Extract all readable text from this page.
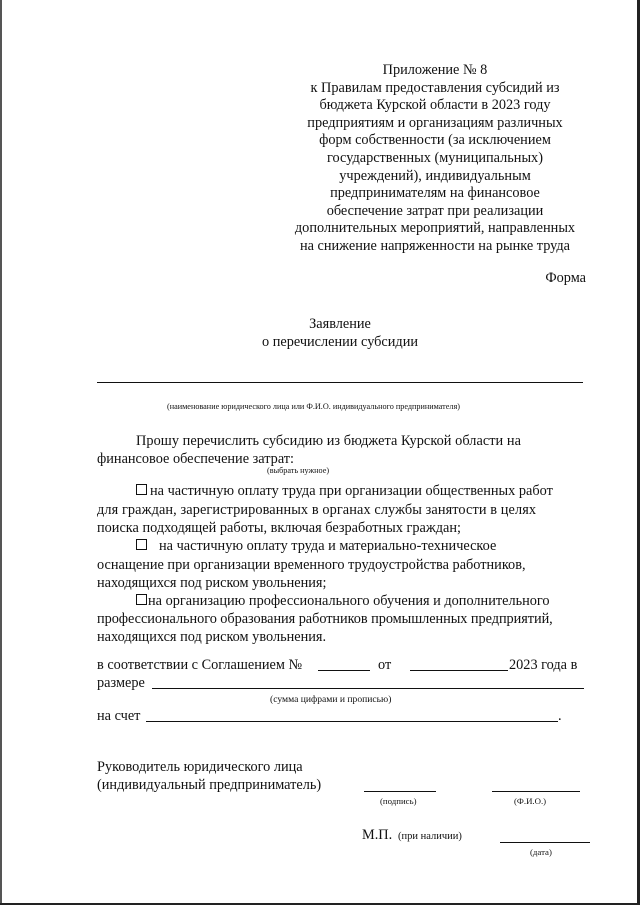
Приложение № 8
к Правилам предоставления субсидий из
бюджета Курской области в 2023 году
предприятиям и организациям различных
форм собственности (за исключением
государственных (муниципальных)
учреждений), индивидуальным
предпринимателям на финансовое
обеспечение затрат при реализации
дополнительных мероприятий, направленных
на снижение напряженности на рынке труда
Форма
Заявление
о перечислении субсидии
(наименование юридического лица или Ф.И.О. индивидуального предпринимателя)
Прошу перечислить субсидию из бюджета Курской области на
финансовое обеспечение затрат:
(выбрать нужное)
на частичную оплату труда при организации общественных работ
для граждан, зарегистрированных в органах службы занятости в целях
поиска подходящей работы, включая безработных граждан;
на частичную оплату труда и материально-техническое
оснащение при организации временного трудоустройства работников,
находящихся под риском увольнения;
на организацию профессионального обучения и дополнительного
профессионального образования работников промышленных предприятий,
находящихся под риском увольнения.
в соответствии с Соглашением №	от	2023 года в
размере
(сумма цифрами и прописью)
на счет	.
Руководитель юридического лица
(индивидуальный предприниматель)
(подпись)	(Ф.И.О.)
М.П. (при наличии)
(дата)
